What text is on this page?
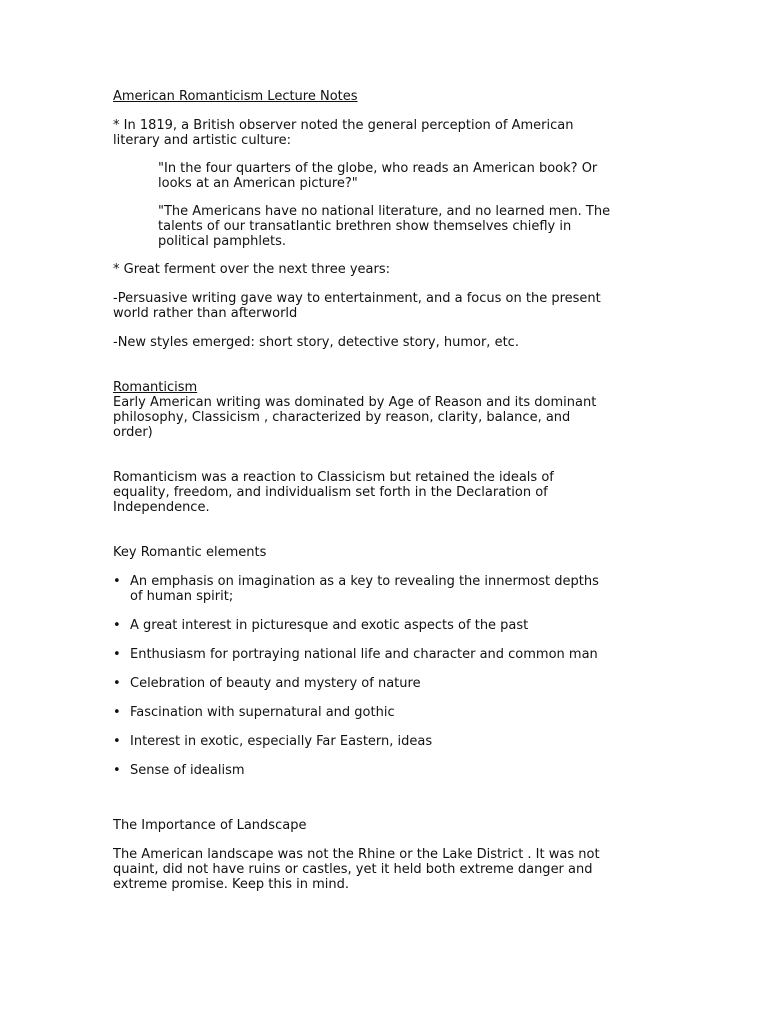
American Romanticism Lecture Notes

* In 1819, a British observer noted the general perception of American
literary and artistic culture:

"In the four quarters of the globe, who reads an American book? Or
looks at an American picture?"

"The Americans have no national literature, and no learned men. The
talents of our transatlantic brethren show themselves chiefly in
political pamphlets.

* Great ferment over the next three years:

-Persuasive writing gave way to entertainment, and a focus on the present
world rather than afterworld

-New styles emerged: short story, detective story, humor, etc.

Romanticism

Early American writing was dominated by Age of Reason and its dominant
philosophy, Classicism , characterized by reason, clarity, balance, and
order)

Romanticism was a reaction to Classicism but retained the ideals of
equality, freedom, and individualism set forth in the Declaration of
Independence.

Key Romantic elements

• An emphasis on imagination as a key to revealing the innermost depths
of human spirit;
• A great interest in picturesque and exotic aspects of the past
• Enthusiasm for portraying national life and character and common man
• Celebration of beauty and mystery of nature
• Fascination with supernatural and gothic
• Interest in exotic, especially Far Eastern, ideas
• Sense of idealism

The Importance of Landscape

The American landscape was not the Rhine or the Lake District . It was not
quaint, did not have ruins or castles, yet it held both extreme danger and
extreme promise. Keep this in mind.
